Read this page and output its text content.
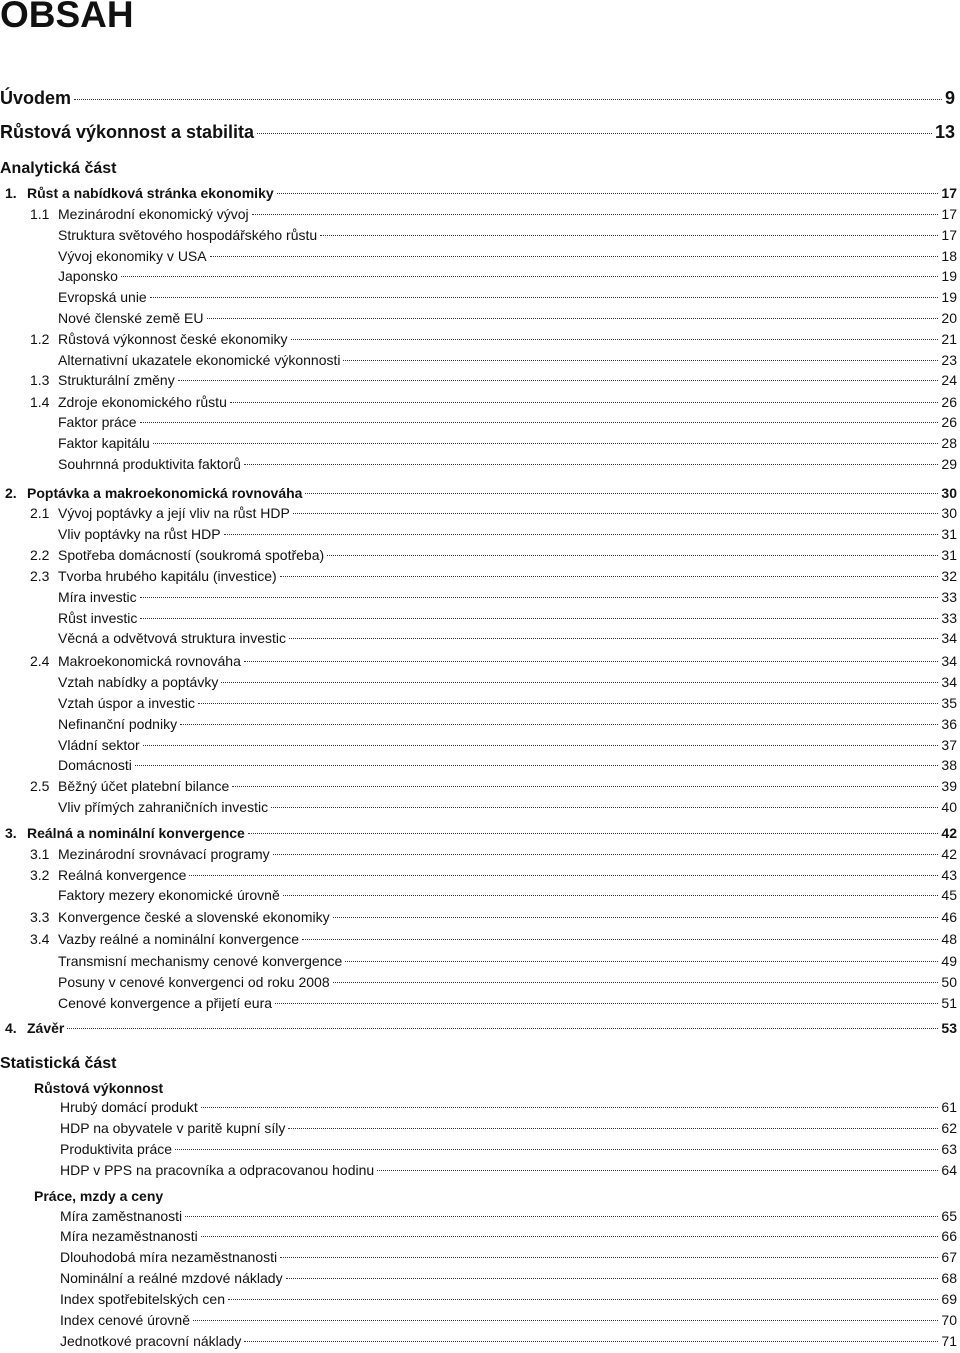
OBSAH
Úvodem	9
Růstová výkonnost a stabilita	13
Analytická část
1. Růst a nabídková stránka ekonomiky	17
1.1 Mezinárodní ekonomický vývoj	17
Struktura světového hospodářského růstu	17
Vývoj ekonomiky v USA	18
Japonsko	19
Evropská unie	19
Nové členské země EU	20
1.2 Růstová výkonnost české ekonomiky	21
Alternativní ukazatele ekonomické výkonnosti	23
1.3 Strukturální změny	24
1.4 Zdroje ekonomického růstu	26
Faktor práce	26
Faktor kapitálu	28
Souhrnná produktivita faktorů	29
2. Poptávka a makroekonomická rovnováha	30
2.1 Vývoj poptávky a její vliv na růst HDP	30
Vliv poptávky na růst HDP	31
2.2 Spotřeba domácností (soukromá spotřeba)	31
2.3 Tvorba hrubého kapitálu (investice)	32
Míra investic	33
Růst investic	33
Věcná a odvětvová struktura investic	34
2.4 Makroekonomická rovnováha	34
Vztah nabídky a poptávky	34
Vztah úspor a investic	35
Nefinanční podniky	36
Vládní sektor	37
Domácnosti	38
2.5 Běžný účet platební bilance	39
Vliv přímých zahraničních investic	40
3. Reálná a nominální konvergence	42
3.1 Mezinárodní srovnávací programy	42
3.2 Reálná konvergence	43
Faktory mezery ekonomické úrovně	45
3.3 Konvergence české a slovenské ekonomiky	46
3.4 Vazby reálné a nominální konvergence	48
Transmisní mechanismy cenové konvergence	49
Posuny v cenové konvergenci od roku 2008	50
Cenové konvergence a přijetí eura	51
4. Závěr	53
Statistická část
Růstová výkonnost
Hrubý domácí produkt	61
HDP na obyvatele v paritě kupní síly	62
Produktivita práce	63
HDP v PPS na pracovníka a odpracovanou hodinu	64
Práce, mzdy a ceny
Míra zaměstnanosti	65
Míra nezaměstnanosti	66
Dlouhodobá míra nezaměstnanosti	67
Nominální a reálné mzdové náklady	68
Index spotřebitelských cen	69
Index cenové úrovně	70
Jednotkové pracovní náklady	71
